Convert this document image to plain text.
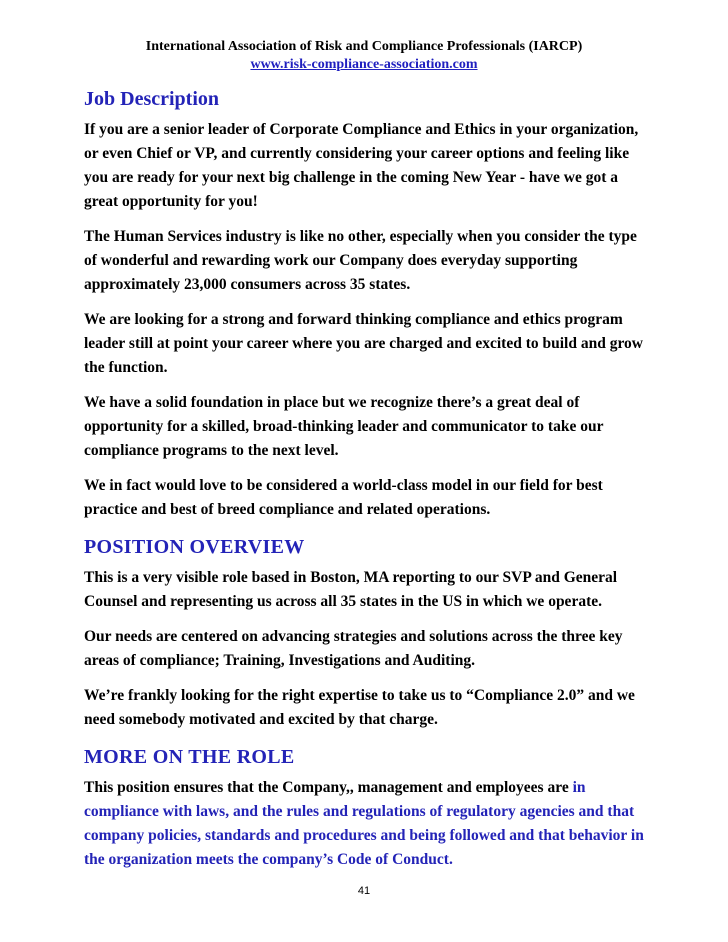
International Association of Risk and Compliance Professionals (IARCP)
www.risk-compliance-association.com
Job Description

If you are a senior leader of Corporate Compliance and Ethics in your organization, or even Chief or VP, and currently considering your career options and feeling like you are ready for your next big challenge in the coming New Year - have we got a great opportunity for you!

The Human Services industry is like no other, especially when you consider the type of wonderful and rewarding work our Company does everyday supporting approximately 23,000 consumers across 35 states.

We are looking for a strong and forward thinking compliance and ethics program leader still at point your career where you are charged and excited to build and grow the function.

We have a solid foundation in place but we recognize there’s a great deal of opportunity for a skilled, broad-thinking leader and communicator to take our compliance programs to the next level.

We in fact would love to be considered a world-class model in our field for best practice and best of breed compliance and related operations.

POSITION OVERVIEW

This is a very visible role based in Boston, MA reporting to our SVP and General Counsel and representing us across all 35 states in the US in which we operate.

Our needs are centered on advancing strategies and solutions across the three key areas of compliance; Training, Investigations and Auditing.

We’re frankly looking for the right expertise to take us to “Compliance 2.0” and we need somebody motivated and excited by that charge.

MORE ON THE ROLE

This position ensures that the Company,, management and employees are in compliance with laws, and the rules and regulations of regulatory agencies and that company policies, standards and procedures and being followed and that behavior in the organization meets the company’s Code of Conduct.

41
